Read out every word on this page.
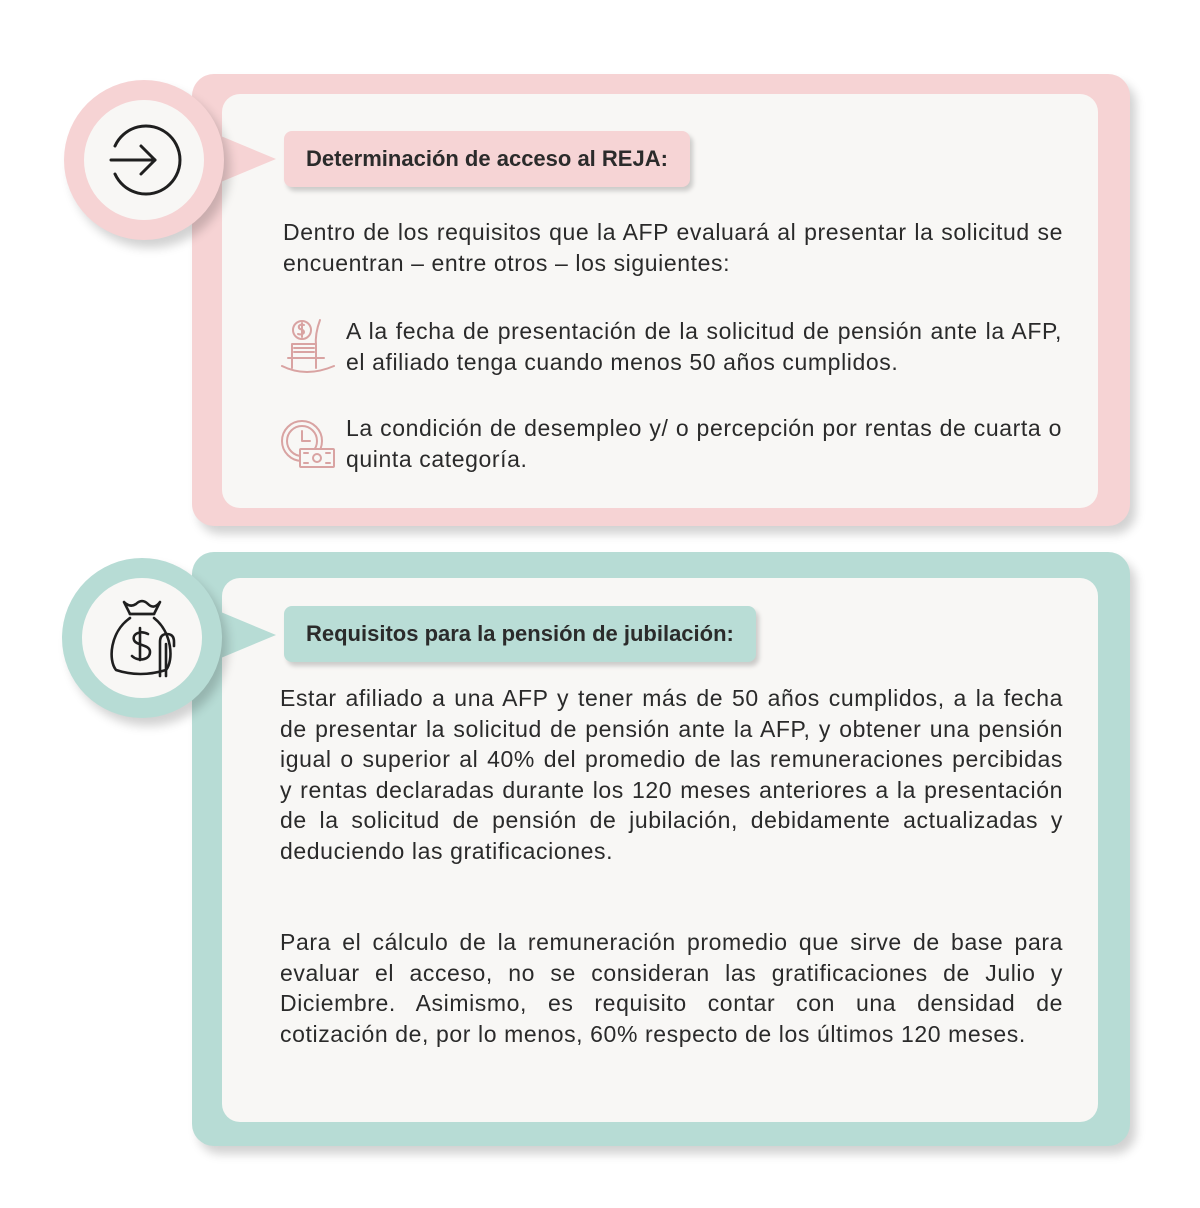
Determinación de acceso al REJA:
Dentro de los requisitos que la AFP evaluará al presentar la solicitud se encuentran – entre otros – los siguientes:
A la fecha de presentación de la solicitud de pensión ante la AFP, el afiliado tenga cuando menos 50 años cumplidos.
La condición de desempleo y/ o percepción por rentas de cuarta o quinta categoría.
Requisitos para la pensión de jubilación:
Estar afiliado a una AFP y tener más de 50 años cumplidos, a la fecha de presentar la solicitud de pensión ante la AFP, y obtener una pensión igual o superior al 40% del promedio de las remuneraciones percibidas y rentas declaradas durante los 120 meses anteriores a la presentación de la solicitud de pensión de jubilación, debidamente actualizadas y deduciendo las gratificaciones.
Para el cálculo de la remuneración promedio que sirve de base para evaluar el acceso, no se consideran las gratificaciones de Julio y Diciembre. Asimismo, es requisito contar con una densidad de cotización de, por lo menos, 60% respecto de los últimos 120 meses.
